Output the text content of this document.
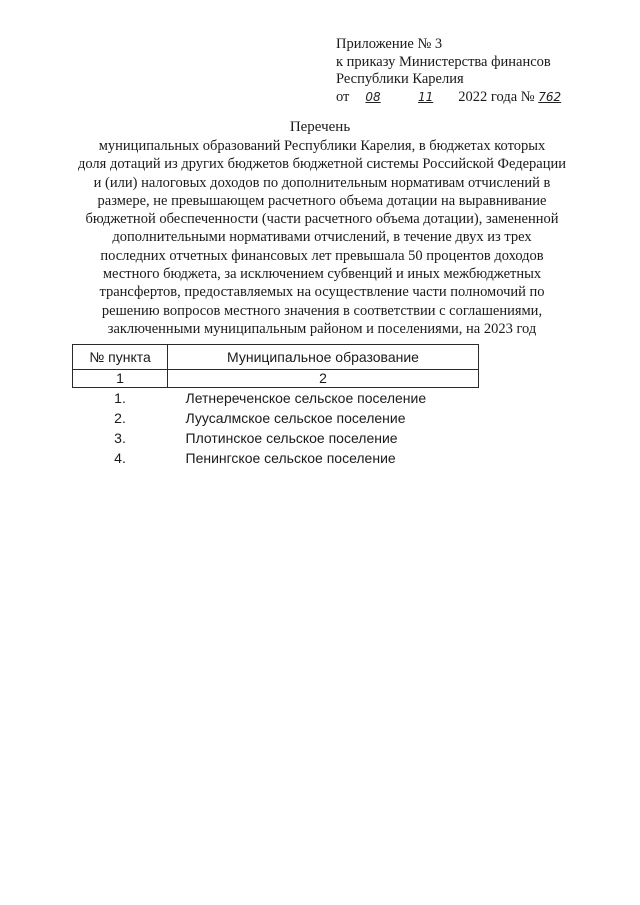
Приложение № 3
к приказу Министерства финансов
Республики Карелия
от 08	11 2022 года № 762
Перечень
муниципальных образований Республики Карелия, в бюджетах которых
доля дотаций из других бюджетов бюджетной системы Российской Федерации
и (или) налоговых доходов по дополнительным нормативам отчислений в
размере, не превышающем расчетного объема дотации на выравнивание
бюджетной обеспеченности (части расчетного объема дотации), замененной
дополнительными нормативами отчислений, в течение двух из трех
последних отчетных финансовых лет превышала 50 процентов доходов
местного бюджета, за исключением субвенций и иных межбюджетных
трансфертов, предоставляемых на осуществление части полномочий по
решению вопросов местного значения в соответствии с соглашениями,
заключенными муниципальным районом и поселениями, на 2023 год
№ пункта	Муниципальное образование
1	2
1.	Летнереченское сельское поселение
2.	Луусалмское сельское поселение
3.	Плотинское сельское поселение
4.	Пенингское сельское поселение
